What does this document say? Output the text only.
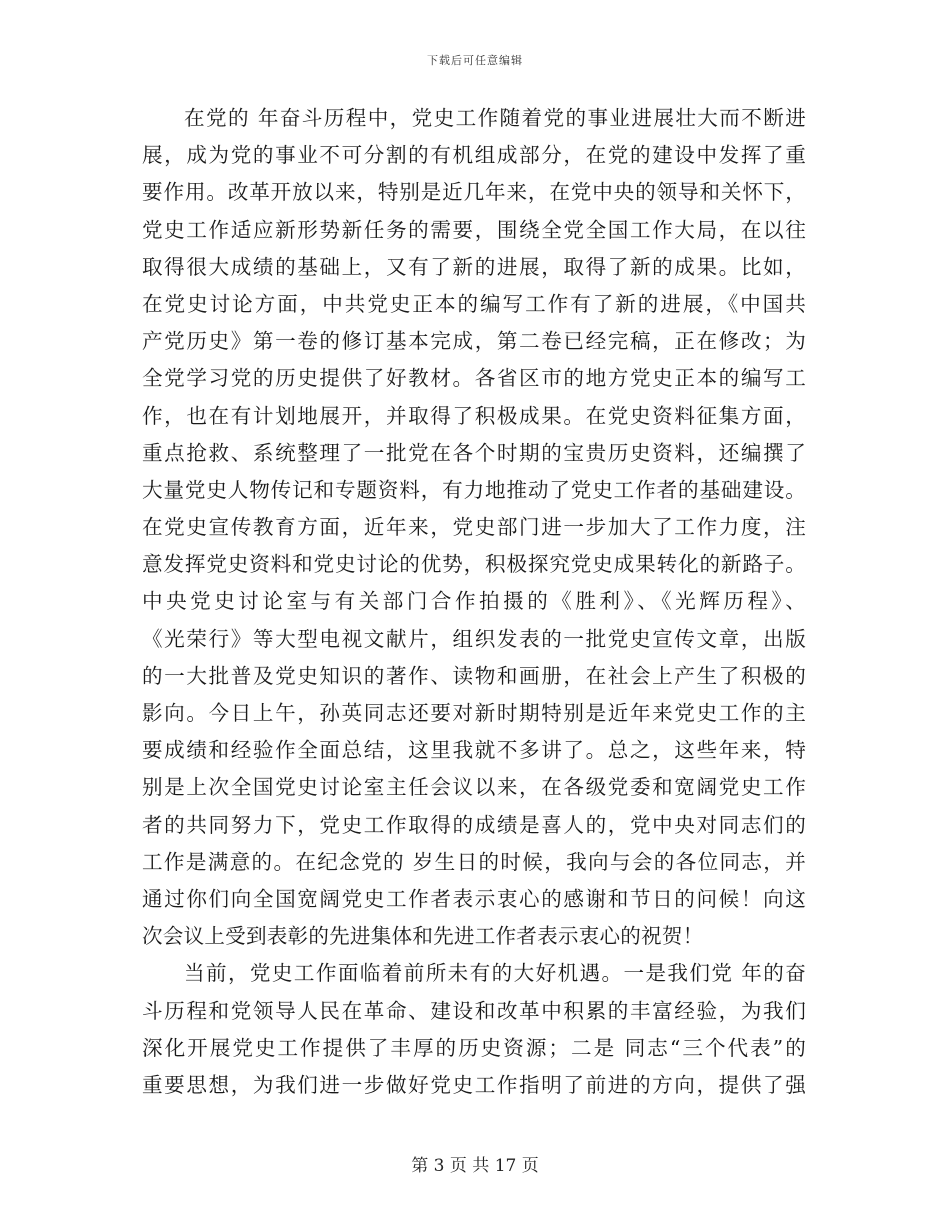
下载后可任意编辑
在党的 年奋斗历程中，党史工作随着党的事业进展壮大而不断进
展，成为党的事业不可分割的有机组成部分，在党的建设中发挥了重
要作用。改革开放以来，特别是近几年来，在党中央的领导和关怀下，
党史工作适应新形势新任务的需要，围绕全党全国工作大局，在以往
取得很大成绩的基础上，又有了新的进展，取得了新的成果。比如，
在党史讨论方面，中共党史正本的编写工作有了新的进展，《中国共
产党历史》第一卷的修订基本完成，第二卷已经完稿，正在修改；为
全党学习党的历史提供了好教材。各省区市的地方党史正本的编写工
作，也在有计划地展开，并取得了积极成果。在党史资料征集方面，
重点抢救、系统整理了一批党在各个时期的宝贵历史资料，还编撰了
大量党史人物传记和专题资料，有力地推动了党史工作者的基础建设。
在党史宣传教育方面，近年来，党史部门进一步加大了工作力度，注
意发挥党史资料和党史讨论的优势，积极探究党史成果转化的新路子。
中央党史讨论室与有关部门合作拍摄的《胜利》、《光辉历程》、
《光荣行》等大型电视文献片，组织发表的一批党史宣传文章，出版
的一大批普及党史知识的著作、读物和画册，在社会上产生了积极的
影向。今日上午，孙英同志还要对新时期特别是近年来党史工作的主
要成绩和经验作全面总结，这里我就不多讲了。总之，这些年来，特
别是上次全国党史讨论室主任会议以来，在各级党委和宽阔党史工作
者的共同努力下，党史工作取得的成绩是喜人的，党中央对同志们的
工作是满意的。在纪念党的 岁生日的时候，我向与会的各位同志，并
通过你们向全国宽阔党史工作者表示衷心的感谢和节日的问候！向这
次会议上受到表彰的先进集体和先进工作者表示衷心的祝贺！
当前，党史工作面临着前所未有的大好机遇。一是我们党 年的奋
斗历程和党领导人民在革命、建设和改革中积累的丰富经验，为我们
深化开展党史工作提供了丰厚的历史资源；二是 同志“三个代表”的
重要思想，为我们进一步做好党史工作指明了前进的方向，提供了强
第 3 页 共 17 页
